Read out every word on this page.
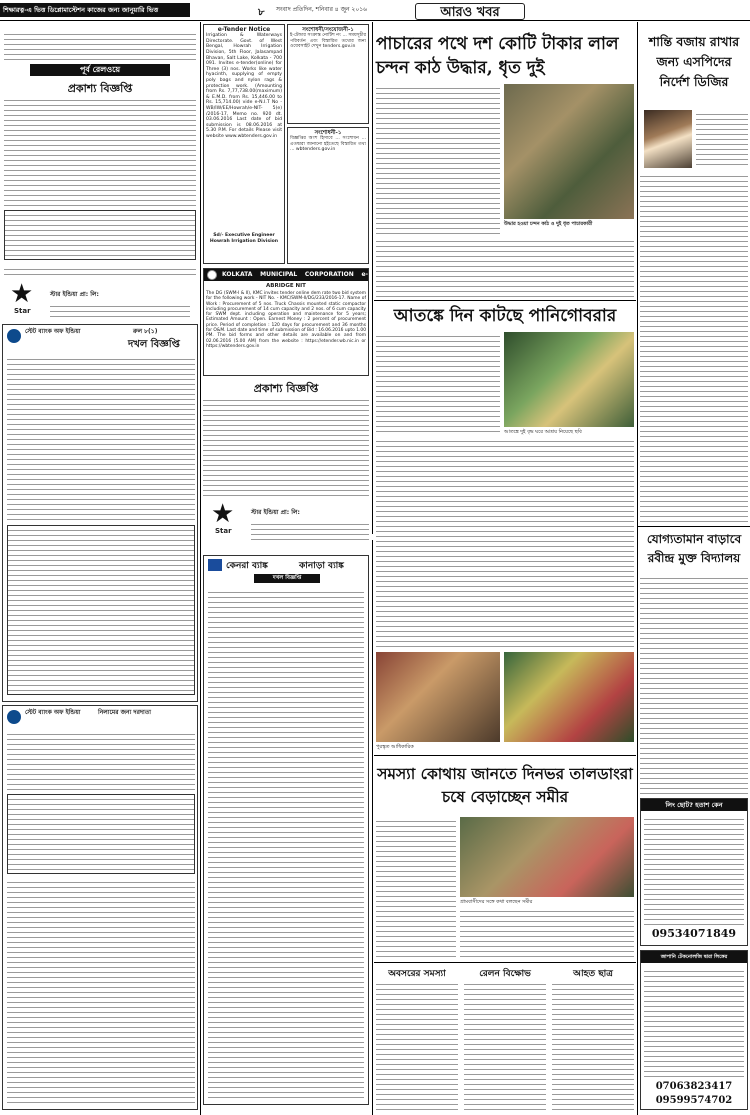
শিক্ষারত্ন-এ ভিত্ত ডিপ্লোমাস্টেশন কাজের জন্য জানুয়ারি ভিত্ত	৮ সংবাদ প্রতিদিন, শনিবার ৪ জুন ২০১৬	আরও খবর
পূর্ব রেলওয়ে
প্রকাশ্য বিজ্ঞপ্তি
★
Star
স্টার ইন্ডিয়া প্রা: লি:
স্টেট ব্যাংক অফ ইন্ডিয়া	রুল ৮(১)
দখল বিজ্ঞপ্তি
স্টেট ব্যাংক অফ ইন্ডিয়া	নিলামের জন্য দরদাতা
e-Tender Notice
Irrigation & Waterways Directorate. Govt. of West Bengal, Howrah Irrigation Division, 5th Floor, Jalasampad Bhavan, Salt Lake, Kolkata - 700 091. Invites e-tender(online) for Three (3) nos. Works like water hyacinth, supplying of empty poly bags and nylon rags & protection work. (Amounting from Rs. 7,77,738.00(maximum) & E.M.D. from Rs. 15,446.00 to Rs. 15,714.00) vide e-N.I.T No - WB/IW/EE/Howrah/e-NIT- 5(e) /2016-17, Memo no. 920 dt. 03.06.2016 Last date of bid submission is 08.06.2016 at 5.30 P.M. For details Please visit website www.wbtenders.gov.in
Sd/- Executive Engineer Howrah Irrigation Division
সংশোধনী/সংযোজনী-১
ই-টেন্ডার সংক্রান্ত নোটিশ নং ... সময়সূচীর পরিবর্তন এবং বিস্তারিত তথ্যের জন্য ওয়েবসাইট দেখুন tenders.gov.in
সংশোধনী-১
বিজ্ঞপ্তির অংশ হিসাবে ... সংশোধন ... এতদ্বারা জানানো হইতেছে বিস্তারিত তথ্য ... wbtenders.gov.in
KOLKATA MUNICIPAL CORPORATION e-TENDER	ABRIDGE NIT
The DG (SWM-I & II), KMC invites tender online dem rate two bid system for the following work - NIT No. - KMC/SWM-II/DG/233/2016-17. Name of Work : Procurement of 5 nos. Truck Chassis mounted static compactor including procurement of 14 cum capacity and 2 nos. of 6 cum capacity for SWM dept. including operation and maintenance for 5 years; Estimated Amount : Open. Earnest Money : 2 percent of procurement price. Period of completion : 120 days for procurement and 36 months for O&M. Last date and time of submission of Bid : 16.06.2016 upto 1.00 PM. The bid forms and other details are available on and from 02.06.2016 (5.00 AM) from the website : https://etender.wb.nic.in or https://wbtenders.gov.in
প্রকাশ্য বিজ্ঞপ্তি
★
Star
স্টার ইন্ডিয়া প্রা: লি:
কেনরা ব্যাঙ্ক	কানাড়া ব্যাঙ্ক
দখল বিজ্ঞপ্তি
পাচারের পথে দশ কোটি টাকার লাল চন্দন কাঠ উদ্ধার, ধৃত দুই
উদ্ধার হওয়া চন্দন কাঠ ও দুই ধৃত পাচারকারী
আতঙ্কে দিন কাটছে পানিগোবরার
আতঙ্কে দুই বৃদ্ধ ঘরে আশ্রয় নিয়েছে ছবি
পুরস্কৃত আধিকারিক
সমস্যা কোথায় জানতে দিনভর তালডাংরা চষে বেড়াচ্ছেন সমীর
গ্রামবাসীদের সঙ্গে কথা বলছেন সমীর
অবসরের সমস্যা	রেলন বিক্ষোভ	আহত ছাত্র
শান্তি বজায় রাখার জন্য এসপিদের নির্দেশ ডিজির
যোগ্যতামান বাড়াবে রবীন্দ্র মুক্ত বিদ্যালয়
লিং ছোট? হতাশ কেন
09534071849
জাপানি টেকনোলজি দ্বারা লিঙ্গের
07063823417
09599574702
